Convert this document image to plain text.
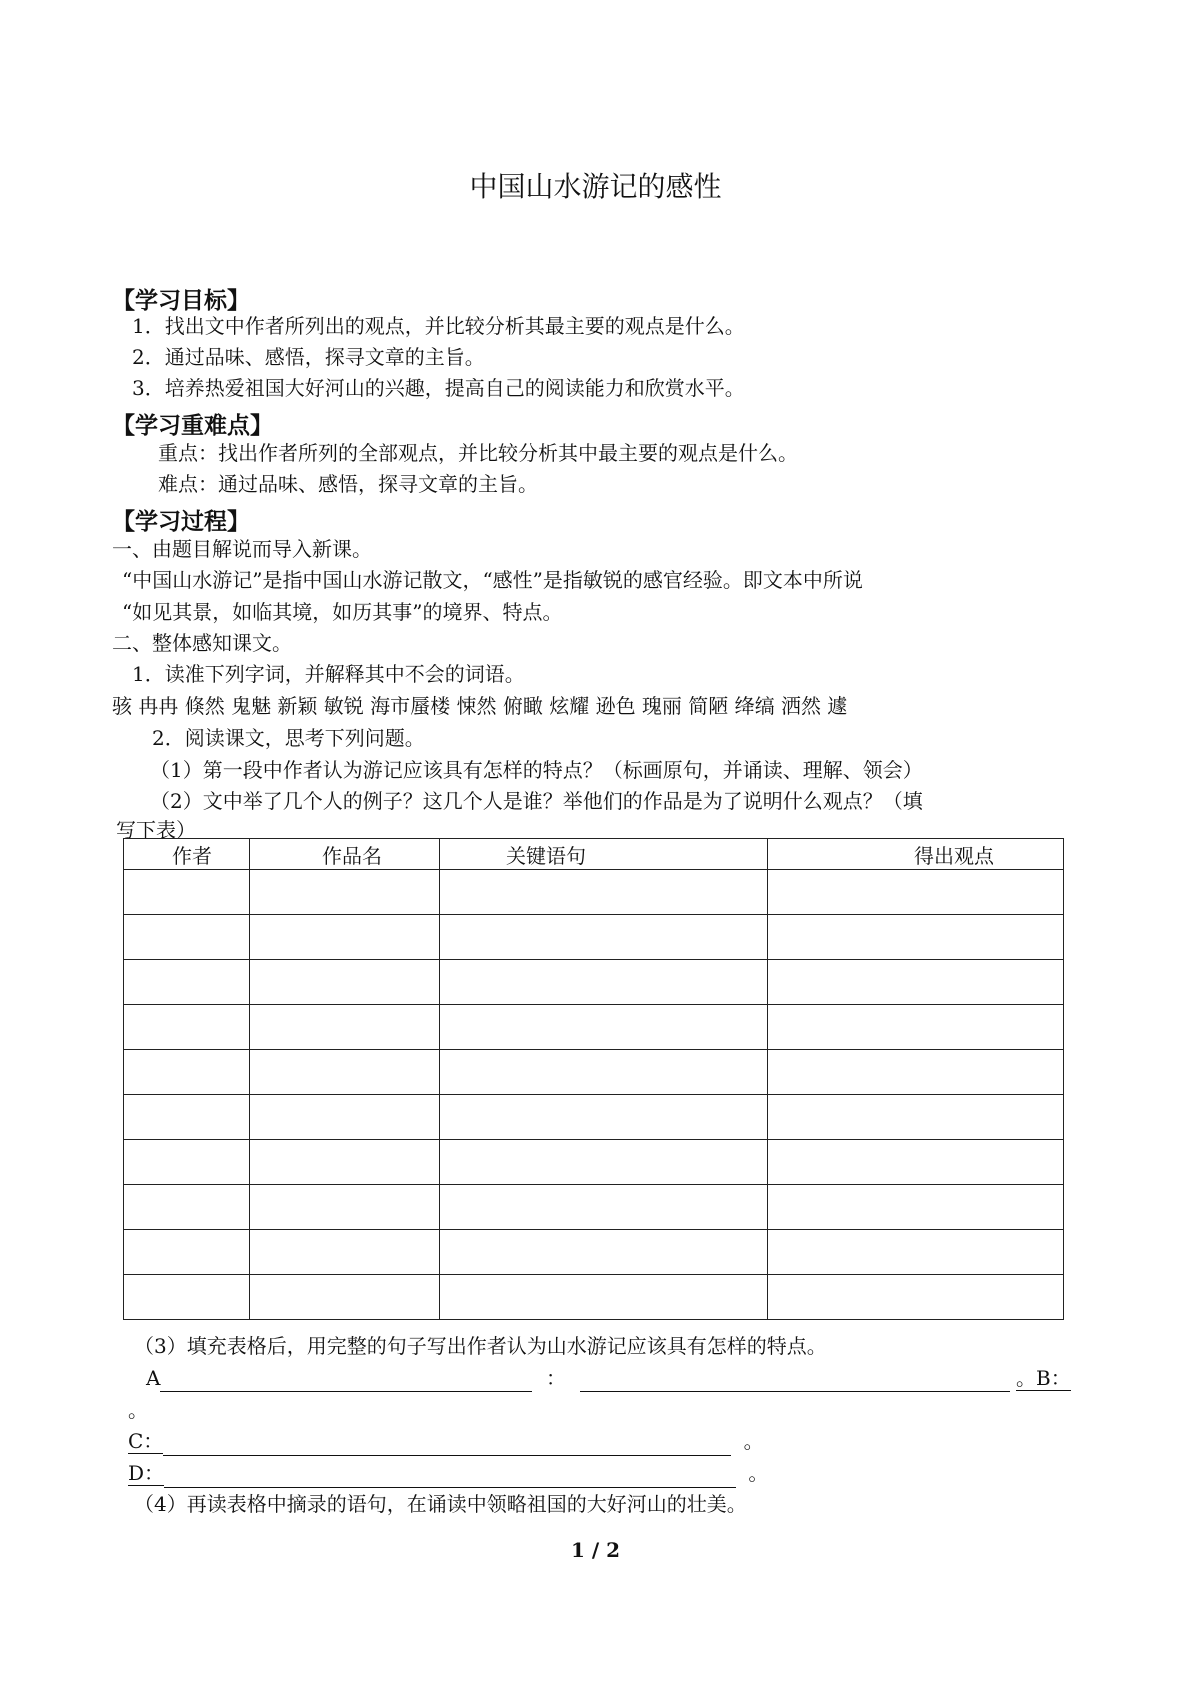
中国山水游记的感性
【学习目标】
1．找出文中作者所列出的观点，并比较分析其最主要的观点是什么。
2．通过品味、感悟，探寻文章的主旨。
3．培养热爱祖国大好河山的兴趣，提高自己的阅读能力和欣赏水平。
【学习重难点】
重点：找出作者所列的全部观点，并比较分析其中最主要的观点是什么。
难点：通过品味、感悟，探寻文章的主旨。
【学习过程】
一、由题目解说而导入新课。
“中国山水游记”是指中国山水游记散文，“感性”是指敏锐的感官经验。即文本中所说
“如见其景，如临其境，如历其事”的境界、特点。
二、整体感知课文。
1．读准下列字词，并解释其中不会的词语。
骇 冉冉 倏然 鬼魅 新颖 敏锐 海市蜃楼 悚然 俯瞰 炫耀 逊色 瑰丽 简陋 绛缟 洒然 遽
2．阅读课文，思考下列问题。
（1）第一段中作者认为游记应该具有怎样的特点？（标画原句，并诵读、理解、领会）
（2）文中举了几个人的例子？这几个人是谁？举他们的作品是为了说明什么观点？（填
写下表）
作者	作品名	关键语句	得出观点

（3）填充表格后，用完整的句子写出作者认为山水游记应该具有怎样的特点。
A	：	。B：
。
C：	。
D：	。
（4）再读表格中摘录的语句，在诵读中领略祖国的大好河山的壮美。
1 / 2
